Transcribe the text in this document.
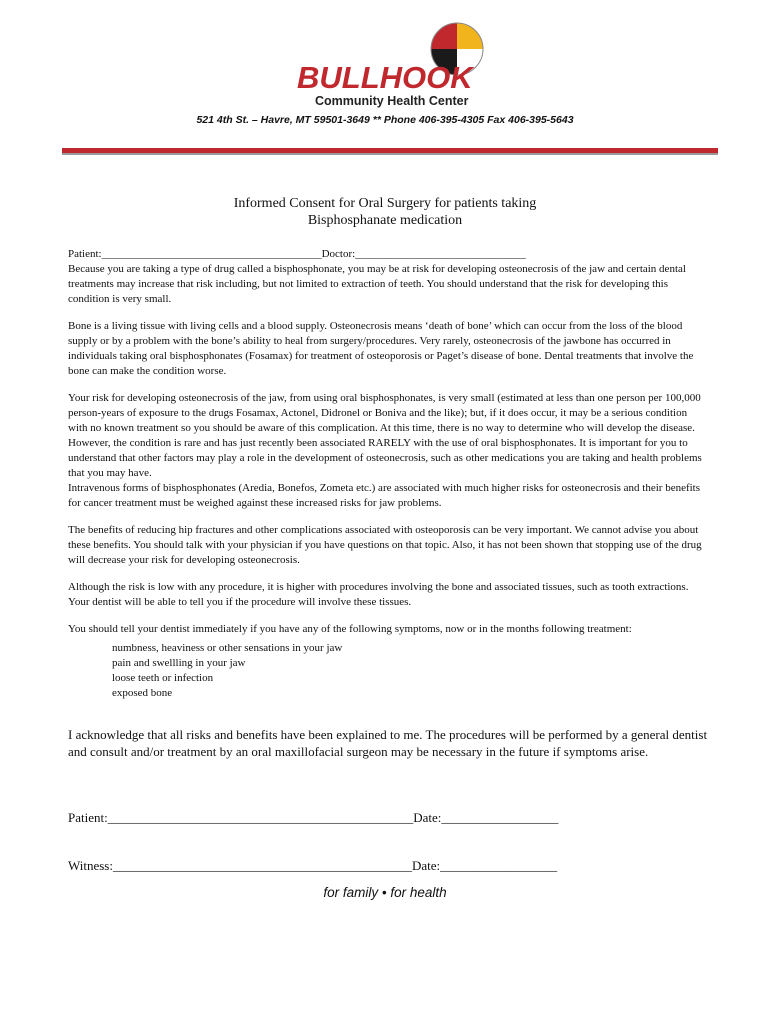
BULLHOOK
Community Health Center
521 4th St. – Havre, MT 59501-3649 ** Phone 406-395-4305 Fax 406-395-5643
Informed Consent for Oral Surgery for patients taking
Bisphosphanate medication

Patient:________________________________________Doctor:_______________________________

Because you are taking a type of drug called a bisphosphonate, you may be at risk for developing osteonecrosis of the jaw and certain dental treatments may increase that risk including, but not limited to extraction of teeth. You should understand that the risk for developing this condition is very small.

Bone is a living tissue with living cells and a blood supply. Osteonecrosis means ‘death of bone’ which can occur from the loss of the blood supply or by a problem with the bone’s ability to heal from surgery/procedures. Very rarely, osteonecrosis of the jawbone has occurred in individuals taking oral bisphosphonates (Fosamax) for treatment of osteoporosis or Paget’s disease of bone. Dental treatments that involve the bone can make the condition worse.

Your risk for developing osteonecrosis of the jaw, from using oral bisphosphonates, is very small (estimated at less than one person per 100,000 person-years of exposure to the drugs Fosamax, Actonel, Didronel or Boniva and the like); but, if it does occur, it may be a serious condition with no known treatment so you should be aware of this complication. At this time, there is no way to determine who will develop the disease. However, the condition is rare and has just recently been associated RARELY with the use of oral bisphosphonates. It is important for you to understand that other factors may play a role in the development of osteonecrosis, such as other medications you are taking and health problems that you may have.

Intravenous forms of bisphosphonates (Aredia, Bonefos, Zometa etc.) are associated with much higher risks for osteonecrosis and their benefits for cancer treatment must be weighed against these increased risks for jaw problems.

The benefits of reducing hip fractures and other complications associated with osteoporosis can be very important. We cannot advise you about these benefits. You should talk with your physician if you have questions on that topic. Also, it has not been shown that stopping use of the drug will decrease your risk for developing osteonecrosis.

Although the risk is low with any procedure, it is higher with procedures involving the bone and associated tissues, such as tooth extractions. Your dentist will be able to tell you if the procedure will involve these tissues.

You should tell your dentist immediately if you have any of the following symptoms, now or in the months following treatment:

numbness, heaviness or other sensations in your jaw
pain and swellling in your jaw
loose teeth or infection
exposed bone
I acknowledge that all risks and benefits have been explained to me. The procedures will be performed by a general dentist and consult and/or treatment by an oral maxillofacial surgeon may be necessary in the future if symptoms arise.
Patient:_______________________________________________Date:__________________
Witness:______________________________________________Date:__________________
for family • for health
